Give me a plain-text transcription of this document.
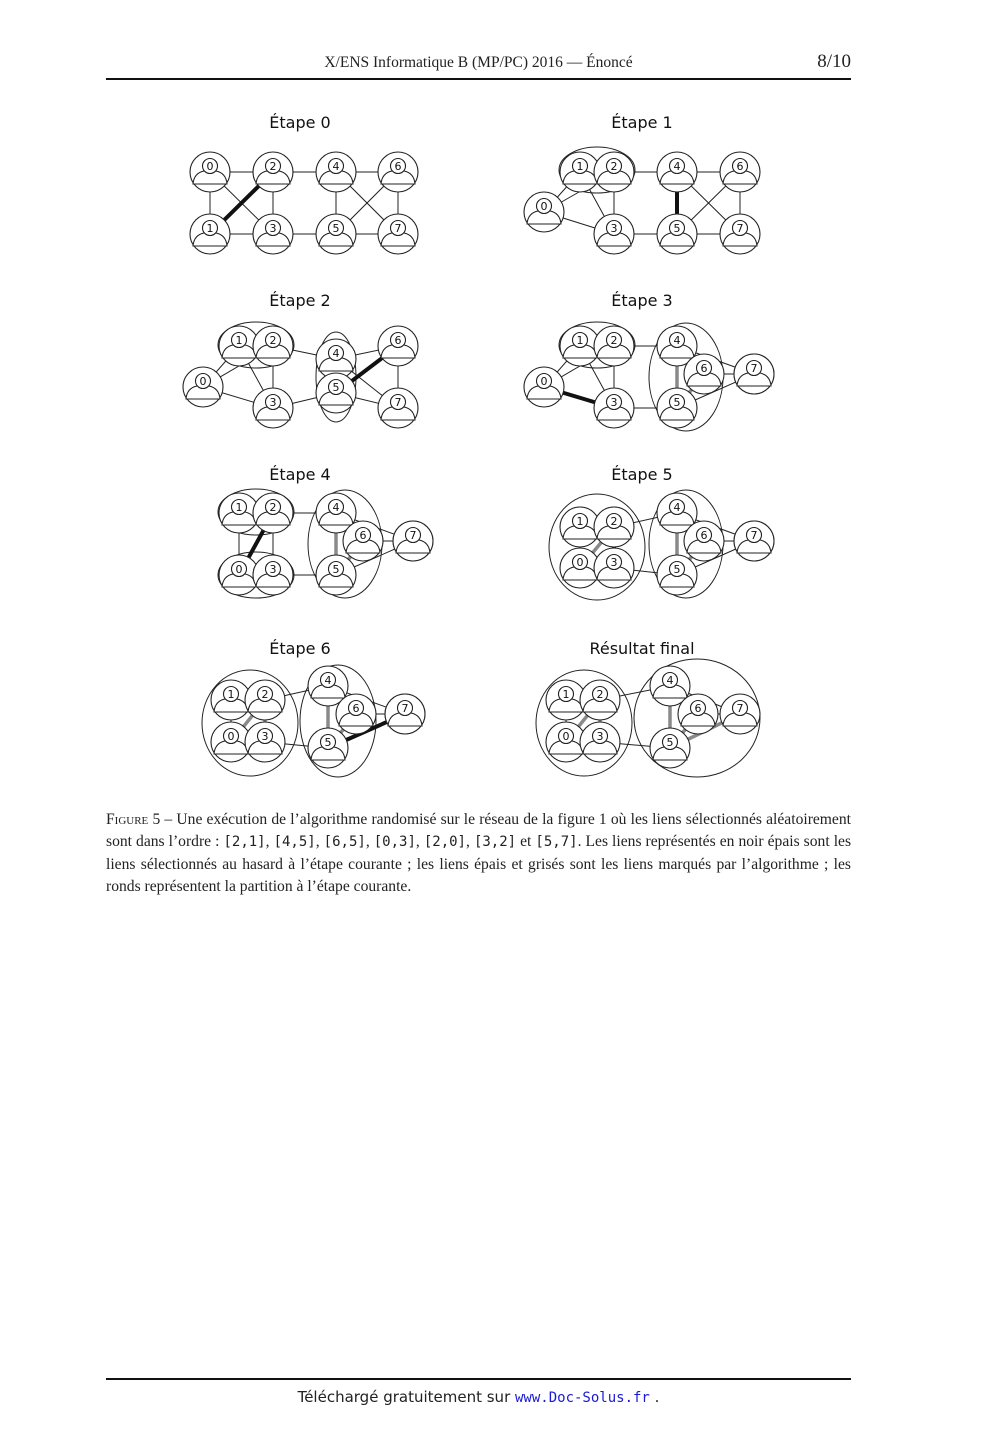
X/ENS Informatique B (MP/PC) 2016 — Énoncé	8/10
Étape 0
0	2	4	6
1	3	5	7
Étape 1
1 2	4	6
0
3	5	7
Étape 2
1 2
0
3
4
5
6
7
Étape 3
1 2
0
3
4
6
5
7
Étape 4
1 2
0 3
4
6
5
7
Étape 5
1 2
0 3
4
6
5
7
Étape 6
1 2
0 3
4
6
5
7
Résultat final
1 2
0 3
4
6	7
5
Figure 5 – Une exécution de l’algorithme randomisé sur le réseau de la figure 1 où les liens sélectionnés aléatoirement sont dans l’ordre : [2,1], [4,5], [6,5], [0,3], [2,0], [3,2] et [5,7]. Les liens représentés en noir épais sont les liens sélectionnés au hasard à l’étape courante ; les liens épais et grisés sont les liens marqués par l’algorithme ; les ronds représentent la partition à l’étape courante.
Téléchargé gratuitement sur www.Doc-Solus.fr .
